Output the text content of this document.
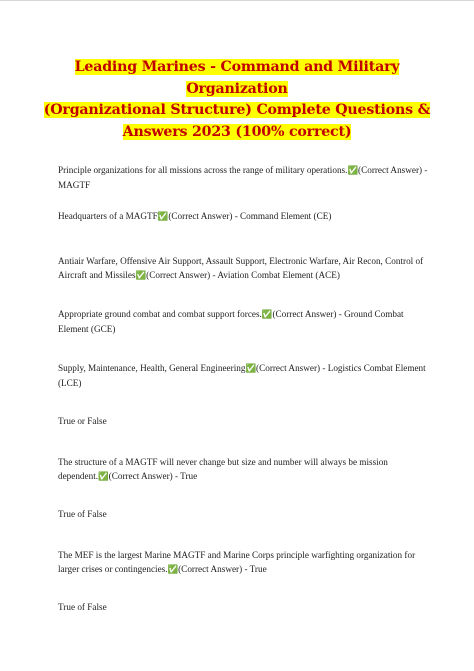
Leading Marines - Command and Military Organization
(Organizational Structure) Complete Questions &
Answers 2023 (100% correct)

Principle organizations for all missions across the range of military operations.✅(Correct Answer) - MAGTF

Headquarters of a MAGTF✅(Correct Answer) - Command Element (CE)

Antiair Warfare, Offensive Air Support, Assault Support, Electronic Warfare, Air Recon, Control of Aircraft and Missiles✅(Correct Answer) - Aviation Combat Element (ACE)

Appropriate ground combat and combat support forces.✅(Correct Answer) - Ground Combat Element (GCE)

Supply, Maintenance, Health, General Engineering✅(Correct Answer) - Logistics Combat Element (LCE)

True or False

The structure of a MAGTF will never change but size and number will always be mission dependent.✅(Correct Answer) - True

True of False

The MEF is the largest Marine MAGTF and Marine Corps principle warfighting organization for larger crises or contingencies.✅(Correct Answer) - True

True of False
